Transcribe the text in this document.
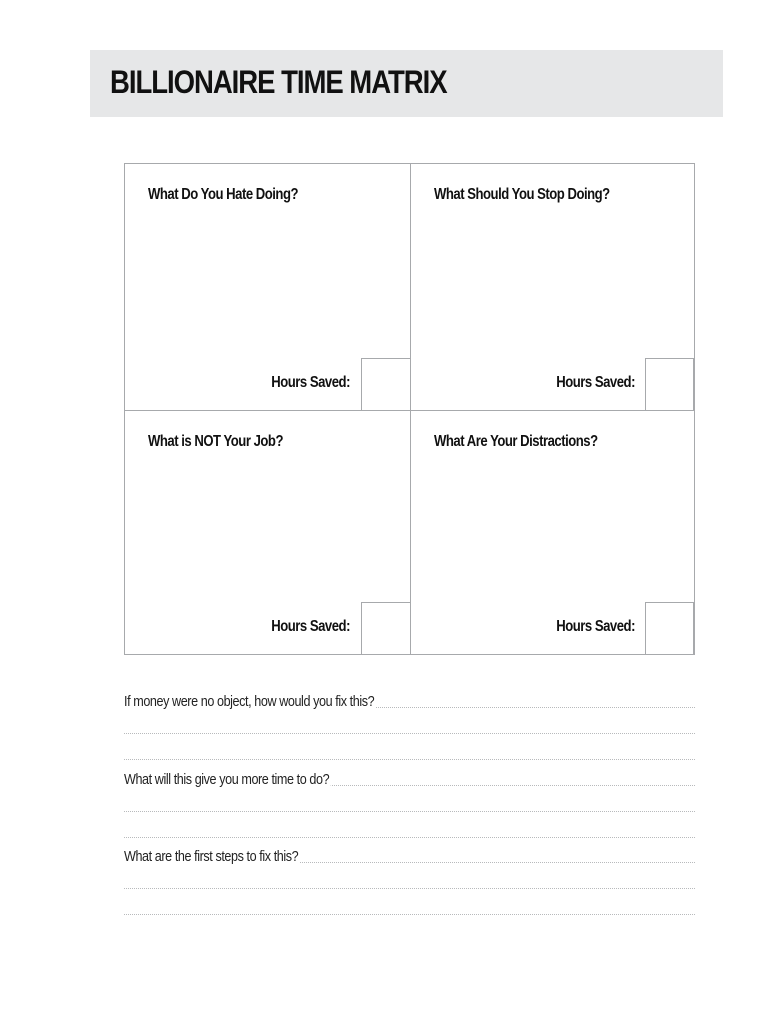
BILLIONAIRE TIME MATRIX
What Do You Hate Doing?
Hours Saved:
What Should You Stop Doing?
Hours Saved:
What is NOT Your Job?
Hours Saved:
What Are Your Distractions?
Hours Saved:
If money were no object, how would you fix this?
What will this give you more time to do?
What are the first steps to fix this?
